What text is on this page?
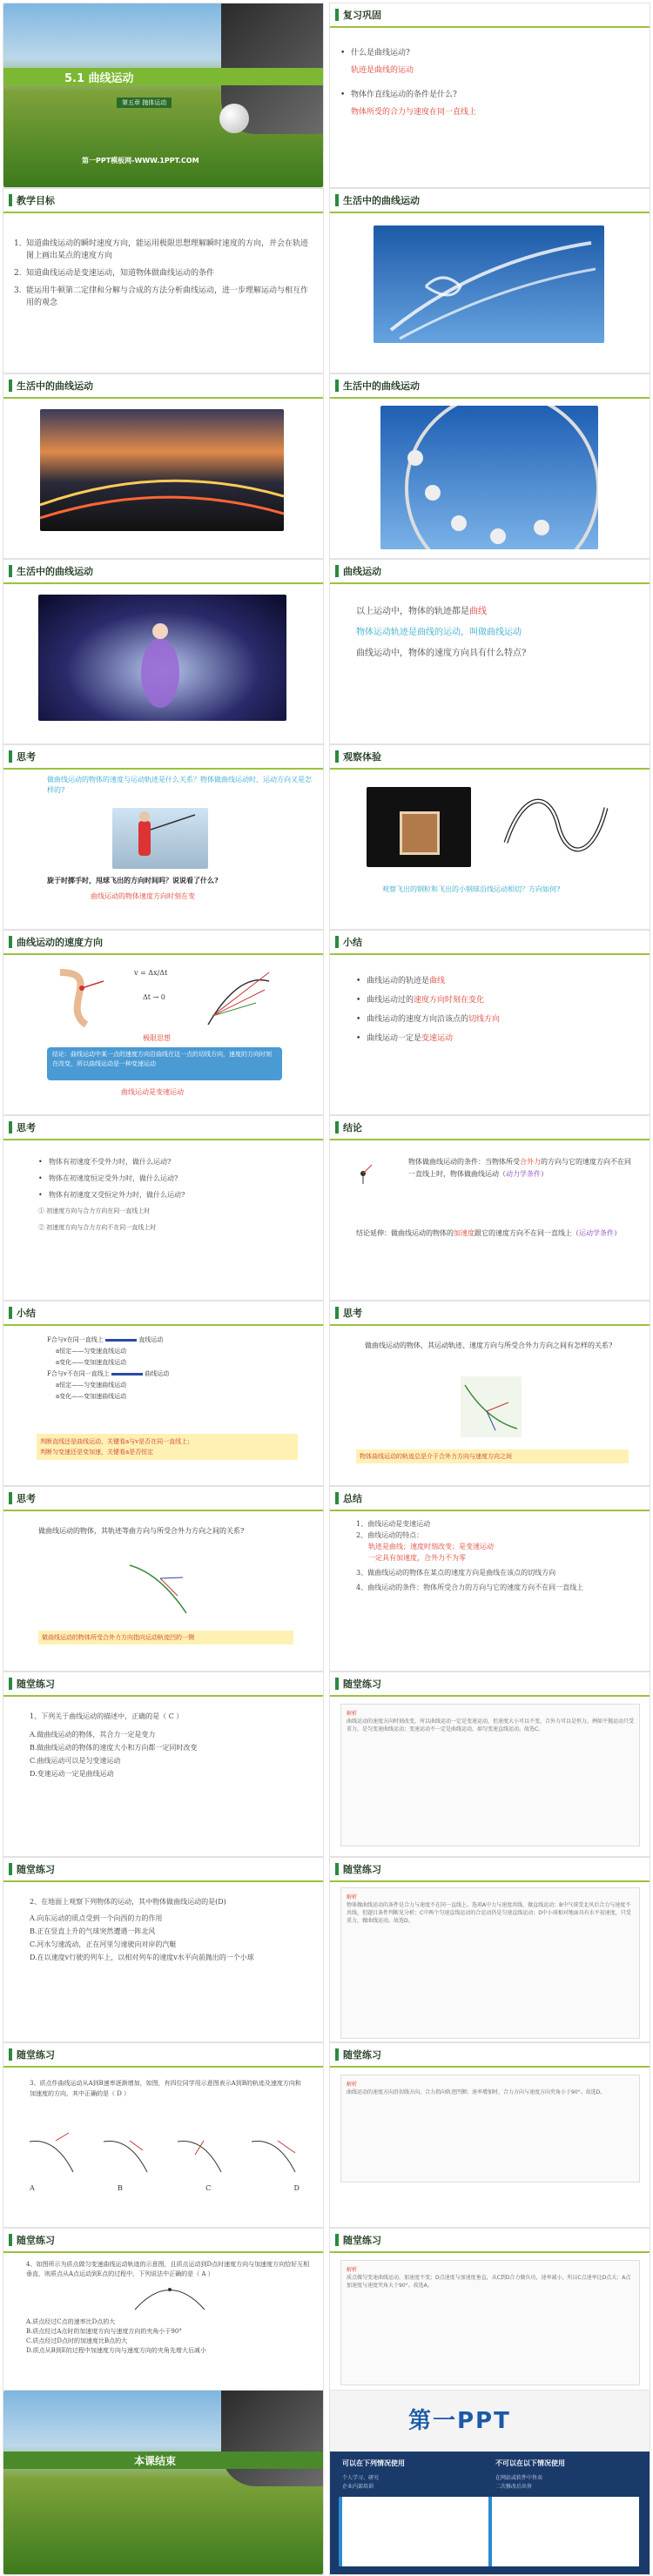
5.1 曲线运动
第五章 抛体运动
第一PPT模板网-WWW.1PPT.COM
复习巩固
• 什么是曲线运动?
轨迹是曲线的运动
• 物体作直线运动的条件是什么?
物体所受的合力与速度在同一直线上
教学目标
1. 知道曲线运动的瞬时速度方向，能运用极限思想理解瞬时速度的方向，并会在轨迹图上画出某点的速度方向
2. 知道曲线运动是变速运动，知道物体做曲线运动的条件
3. 能运用牛顿第二定律和分解与合成的方法分析曲线运动，进一步理解运动与相互作用的观念
生活中的曲线运动
生活中的曲线运动	生活中的曲线运动
生活中的曲线运动	曲线运动
以上运动中，物体的轨迹都是曲线
物体运动轨迹是曲线的运动，叫做曲线运动
曲线运动中，物体的速度方向具有什么特点?
思考
做曲线运动的物体的速度与运动轨迹是什么关系？物体做曲线运动时，运动方向又是怎样的?
旋于时掷手时，甩球飞出的方向时间吗？说说看了什么?
曲线运动的物体速度方向时刻在变
观察体验
观察飞出的钢粒和飞出的小钢球沿线运动相切？方向如何?
曲线运动的速度方向
v = Δx/Δt
Δt → 0
极限思想
结论：曲线运动中某一点的速度方向沿曲线在这一点的切线方向，速度的方向时刻在改变，所以曲线运动是一种变速运动
曲线运动是变速运动
小结
• 曲线运动的轨迹是曲线
• 曲线运动过的速度方向时刻在变化
• 曲线运动的速度方向沿该点的切线方向
• 曲线运动一定是变速运动
思考
• 物体有初速度不受外力时，做什么运动?
• 物体在初速度恒定受外力时，做什么运动?
• 物体有初速度又受恒定外力时，做什么运动?
① 初速度方向与合力方向在同一直线上时
② 初速度方向与合力方向不在同一直线上时
结论
物体做曲线运动的条件：当物体所受合外力的方向与它的速度方向不在同一直线上时，物体做曲线运动（动力学条件）
结论延伸：做曲线运动的物体的加速度跟它的速度方向不在同一直线上（运动学条件）
小结
F合与v在同一直线上	直线运动
a恒定——匀变速直线运动
a变化——变加速直线运动
F合与v不在同一直线上	曲线运动
a恒定——匀变速曲线运动
a变化——变加速曲线运动
判断直线还是曲线运动，关键看a与v是否在同一直线上；
判断匀变速还是变加速，关键看a是否恒定
思考
做曲线运动的物体，其运动轨迹、速度方向与所受合外力方向之间有怎样的关系?
物体曲线运动的轨迹总是介于合外力方向与速度方向之间
思考
做曲线运动的物体，其轨迹等曲方向与所受合外力方向之间的关系?
做曲线运动的物体所受合外力方向指向运动轨迹凹的一侧
总结
1、曲线运动是变速运动
2、曲线运动的特点：
轨迹是曲线；速度时刻改变；是变速运动
一定具有加速度，合外力不为零
3、做曲线运动的物体在某点的速度方向是曲线在该点的切线方向
4、曲线运动的条件：物体所受合力的方向与它的速度方向不在同一直线上
随堂练习
1、下列关于曲线运动的描述中，正确的是（ C ）
A.做曲线运动的物体，其合力一定是变力
B.做曲线运动的物体的速度大小和方向都一定同时改变
C.曲线运动可以是匀变速运动
D.变速运动一定是曲线运动
随堂练习
解析
曲线运动的速度方向时刻改变，所以曲线运动一定是变速运动，但速度大小可以不变，合外力可以是恒力，例如平抛运动只受重力，是匀变速曲线运动；变速运动不一定是曲线运动，如匀变速直线运动。故选C。
随堂练习
2、在地面上观察下列物体的运动，其中物体做曲线运动的是(D)
A.向东运动的质点受到一个向西的力的作用
B.正在竖直上升的气球突然遭遇一阵北风
C.河水匀速流动，正在河里匀速驶向对岸的汽艇
D.在以速度v行驶的列车上，以相对列车的速度v水平向前抛出的一个小球
随堂练习
解析
物体做曲线运动的条件是合力与速度不在同一直线上。选项A中力与速度共线，做直线运动；B中气球受北风后合力与速度不共线，但题目条件判断见分析；C中两个匀速直线运动的合运动仍是匀速直线运动；D中小球相对地面具有水平初速度，只受重力，做曲线运动。故选D。
随堂练习
3、质点作曲线运动从A到B速率逐渐增加，如图，有四位同学用示意图表示A到B的轨迹及速度方向和加速度的方向，其中正确的是（ D ）
A	B	C	D
随堂练习
解析
曲线运动的速度方向沿切线方向，合力指向轨迹凹侧；速率增加时，合力方向与速度方向夹角小于90°。故选D。
随堂练习
4、如图所示为质点做匀变速曲线运动轨迹的示意图，且质点运动到D点时速度方向与加速度方向恰好互相垂直，则质点从A点运动到E点的过程中，下列说法中正确的是（ A ）
A.质点经过C点的速率比D点的大
B.质点经过A点时的加速度方向与速度方向的夹角小于90°
C.质点经过D点时的加速度比B点的大
D.质点从B到E的过程中加速度方向与速度方向的夹角先增大后减小
随堂练习
解析
质点做匀变速曲线运动，加速度不变；D点速度与加速度垂直，从C到D合力做负功，速率减小，所以C点速率比D点大；A点加速度与速度夹角大于90°。故选A。
本课结束
第一PPT
可以在下列情况使用	不可以在以下情况使用
个人学习、研究
企业内部培训
在网站或软件中售卖
二次修改后出售
